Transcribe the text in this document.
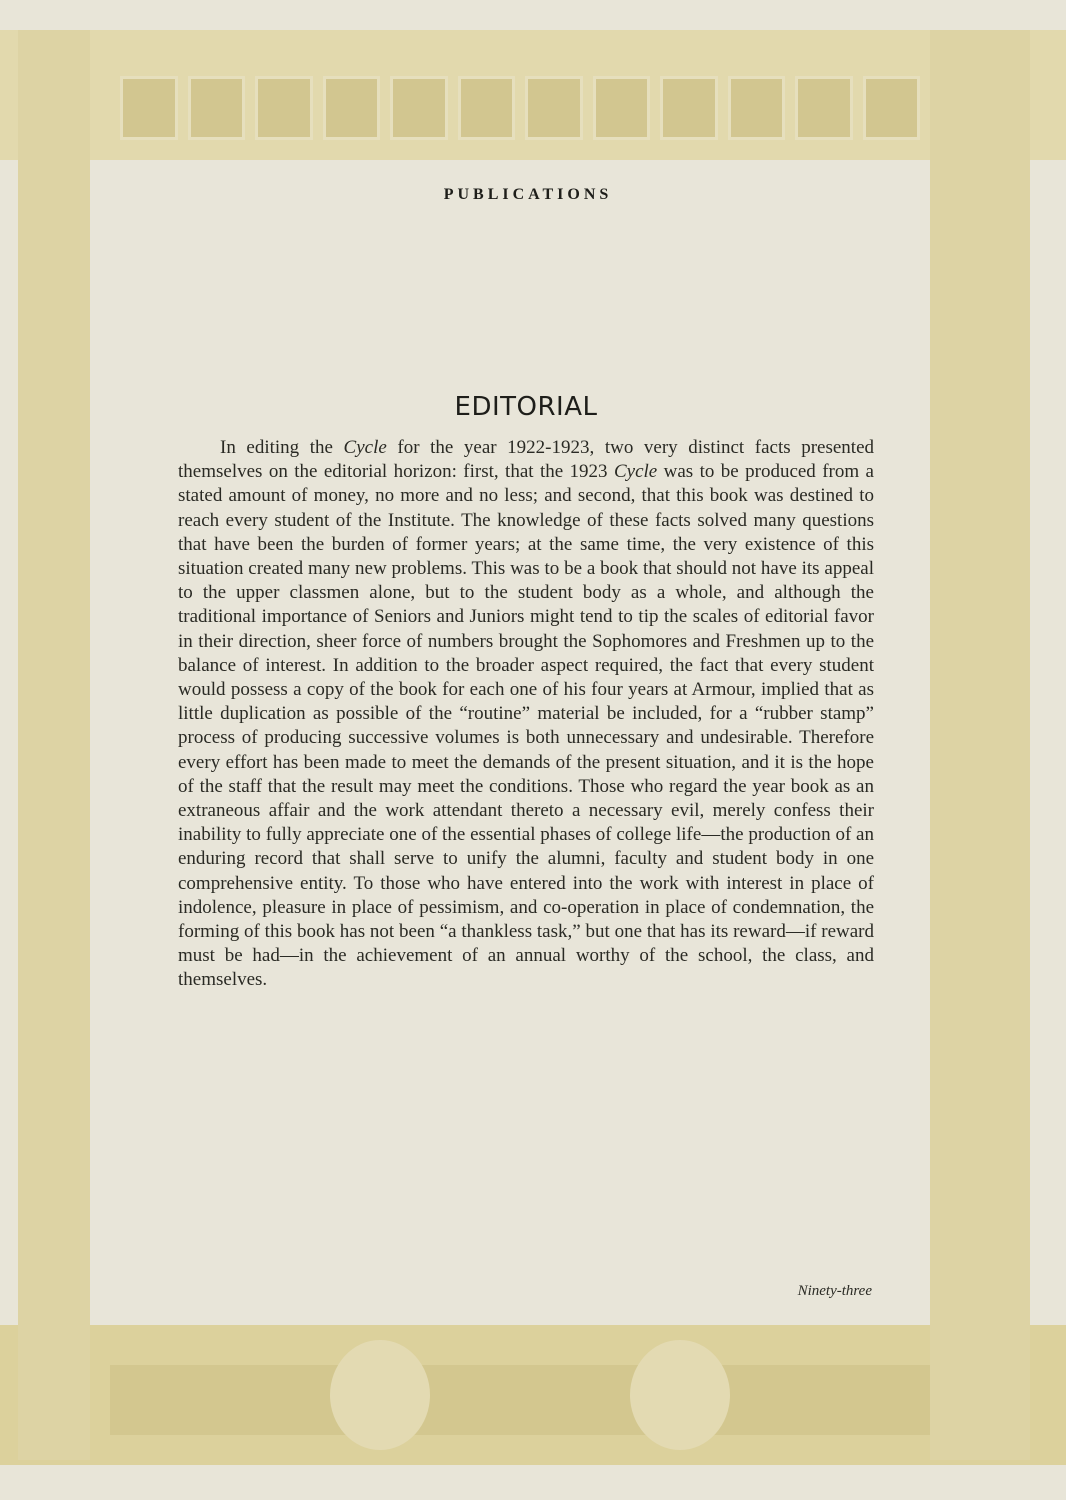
PUBLICATIONS
EDITORIAL

In editing the Cycle for the year 1922-1923, two very distinct facts presented themselves on the editorial horizon: first, that the 1923 Cycle was to be produced from a stated amount of money, no more and no less; and second, that this book was destined to reach every student of the Institute. The knowledge of these facts solved many questions that have been the burden of former years; at the same time, the very existence of this situation created many new problems. This was to be a book that should not have its appeal to the upper classmen alone, but to the student body as a whole, and although the traditional importance of Seniors and Juniors might tend to tip the scales of editorial favor in their direction, sheer force of numbers brought the Sophomores and Freshmen up to the balance of interest. In addition to the broader aspect required, the fact that every student would possess a copy of the book for each one of his four years at Armour, implied that as little duplication as possible of the “routine” material be included, for a “rubber stamp” process of producing successive volumes is both unnecessary and undesirable. Therefore every effort has been made to meet the demands of the present situation, and it is the hope of the staff that the result may meet the conditions. Those who regard the year book as an extraneous affair and the work attendant thereto a necessary evil, merely confess their inability to fully appreciate one of the essential phases of college life—the production of an enduring record that shall serve to unify the alumni, faculty and student body in one comprehensive entity. To those who have entered into the work with interest in place of indolence, pleasure in place of pessimism, and co-operation in place of condemnation, the forming of this book has not been “a thankless task,” but one that has its reward—if reward must be had—in the achievement of an annual worthy of the school, the class, and themselves.

Ninety-three
